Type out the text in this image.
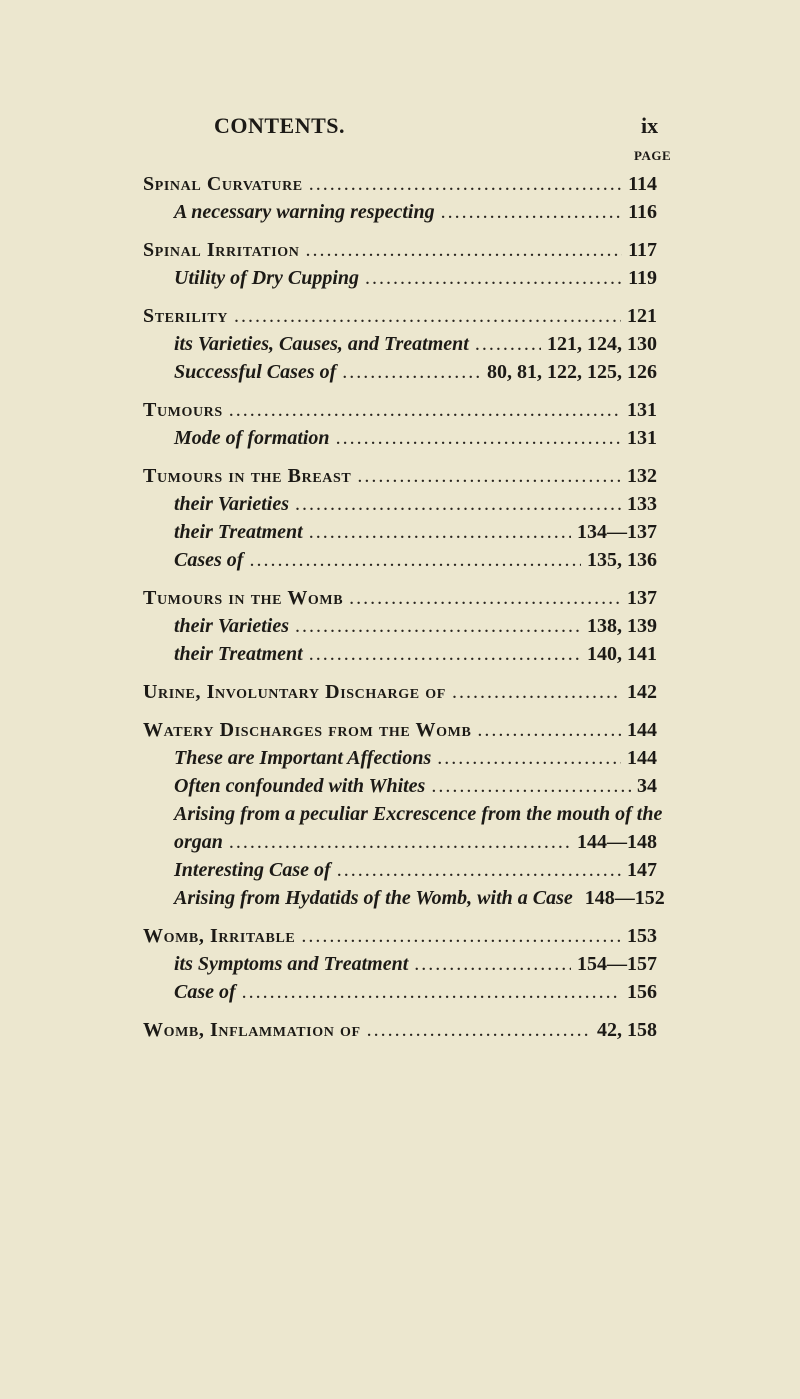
CONTENTS.	ix
PAGE
Spinal Curvature .....	114
A necessary warning respecting .....	116
Spinal Irritation .....	117
Utility of Dry Cupping .....	119
Sterility .....	121
its Varieties, Causes, and Treatment .....	121, 124, 130
Successful Cases of .....	80, 81, 122, 125, 126
Tumours .....	131
Mode of formation .....	131
Tumours in the Breast .....	132
their Varieties .....	133
their Treatment .....	134—137
Cases of .....	135, 136
Tumours in the Womb .....	137
their Varieties .....	138, 139
their Treatment .....	140, 141
Urine, Involuntary Discharge of .....	142
Watery Discharges from the Womb .....	144
These are Important Affections .....	144
Often confounded with Whites .....	34
Arising from a peculiar Excrescence from the mouth of the
organ .....	144—148
Interesting Case of .....	147
Arising from Hydatids of the Womb, with a Case 148—152
Womb, Irritable .....	153
its Symptoms and Treatment .....	154—157
Case of .....	156
Womb, Inflammation of .....	42, 158
